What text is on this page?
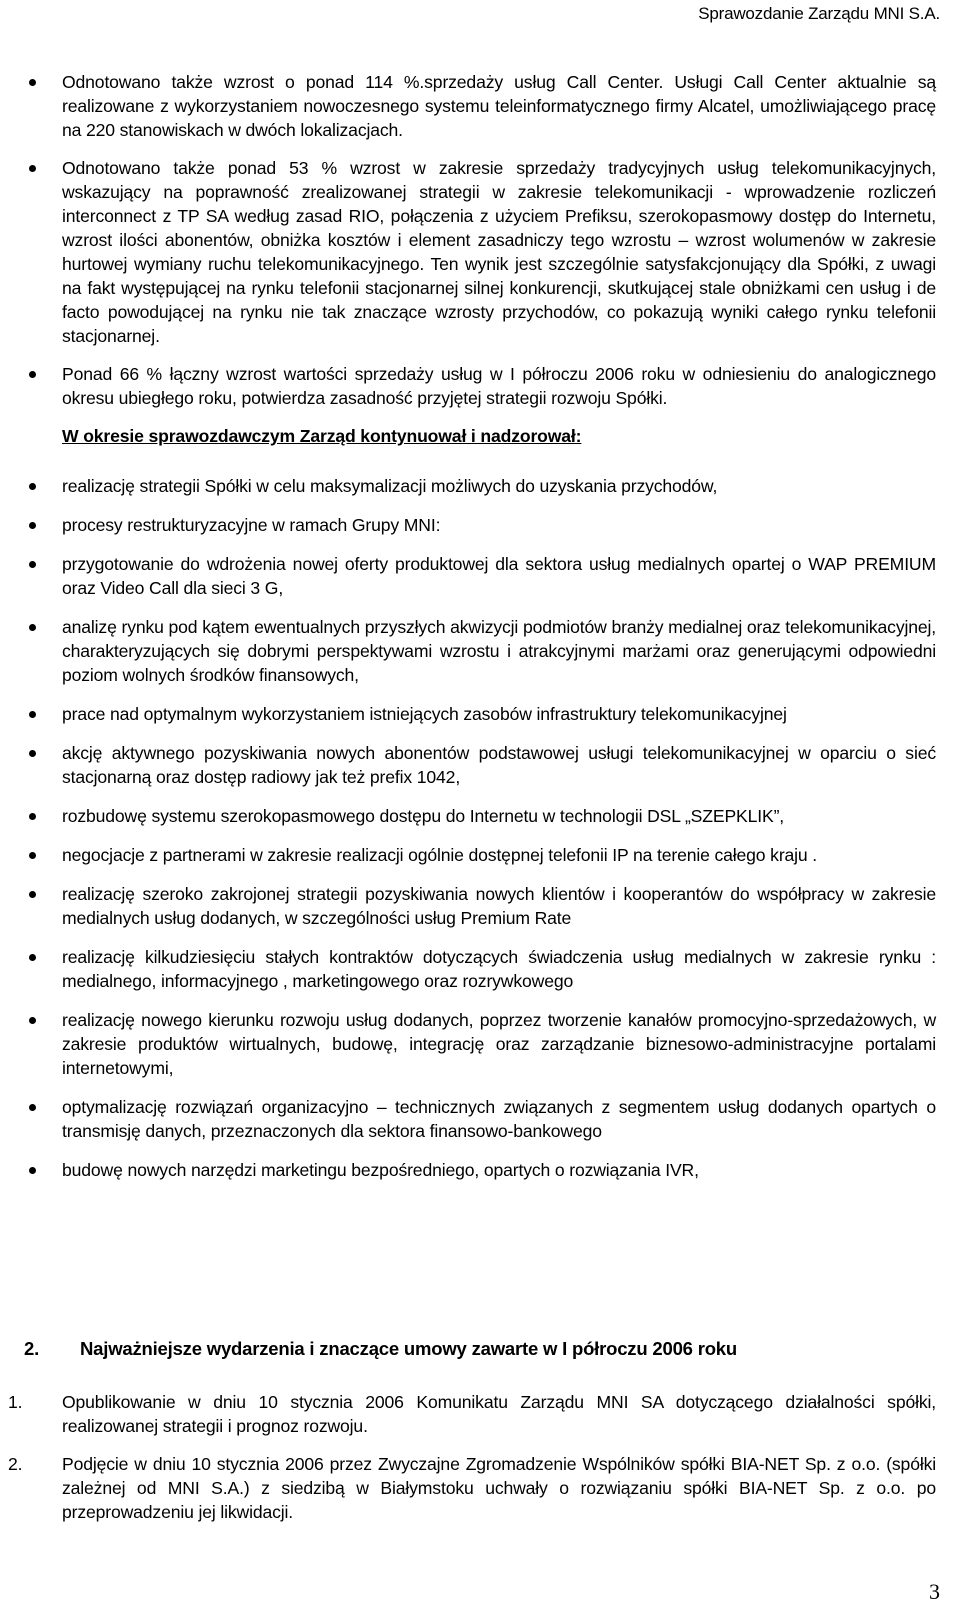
Sprawozdanie Zarządu MNI S.A.
Odnotowano także wzrost o ponad 114 %.sprzedaży usług Call Center. Usługi Call Center aktualnie są realizowane z wykorzystaniem nowoczesnego systemu teleinformatycznego firmy Alcatel, umożliwiającego pracę na 220 stanowiskach w dwóch lokalizacjach.
Odnotowano także ponad 53 % wzrost w zakresie sprzedaży tradycyjnych usług telekomunikacyjnych, wskazujący na poprawność zrealizowanej strategii w zakresie telekomunikacji - wprowadzenie rozliczeń interconnect z TP SA według zasad RIO, połączenia z użyciem Prefiksu, szerokopasmowy dostęp do Internetu, wzrost ilości abonentów, obniżka kosztów i element zasadniczy tego wzrostu – wzrost wolumenów w zakresie hurtowej wymiany ruchu telekomunikacyjnego. Ten wynik jest szczególnie satysfakcjonujący dla Spółki, z uwagi na fakt występującej na rynku telefonii stacjonarnej silnej konkurencji, skutkującej stale obniżkami cen usług i de facto powodującej na rynku nie tak znaczące wzrosty przychodów, co pokazują wyniki całego rynku telefonii stacjonarnej.
Ponad 66 % łączny wzrost wartości sprzedaży usług w I półroczu 2006 roku w odniesieniu do analogicznego okresu ubiegłego roku, potwierdza zasadność przyjętej strategii rozwoju Spółki.
W okresie sprawozdawczym Zarząd kontynuował i nadzorował:
realizację strategii Spółki w celu maksymalizacji możliwych do uzyskania przychodów,
procesy restrukturyzacyjne w ramach Grupy MNI:
przygotowanie do wdrożenia nowej oferty produktowej dla sektora usług medialnych opartej o WAP PREMIUM oraz Video Call dla sieci 3 G,
analizę rynku pod kątem ewentualnych przyszłych akwizycji podmiotów branży medialnej oraz telekomunikacyjnej, charakteryzujących się dobrymi perspektywami wzrostu i atrakcyjnymi marżami oraz generującymi odpowiedni poziom wolnych środków finansowych,
prace nad optymalnym wykorzystaniem istniejących zasobów infrastruktury telekomunikacyjnej
akcję aktywnego pozyskiwania nowych abonentów podstawowej usługi telekomunikacyjnej w oparciu o sieć stacjonarną oraz dostęp radiowy jak też prefix 1042,
rozbudowę systemu szerokopasmowego dostępu do Internetu w technologii DSL „SZEPKLIK”,
negocjacje z partnerami w zakresie realizacji ogólnie dostępnej telefonii IP na terenie całego kraju .
realizację szeroko zakrojonej strategii pozyskiwania nowych klientów i kooperantów do współpracy w zakresie medialnych usług dodanych, w szczególności usług Premium Rate
realizację kilkudziesięciu stałych kontraktów dotyczących świadczenia usług medialnych w zakresie rynku : medialnego, informacyjnego , marketingowego oraz rozrywkowego
realizację nowego kierunku rozwoju usług dodanych, poprzez tworzenie kanałów promocyjno-sprzedażowych, w zakresie produktów wirtualnych, budowę, integrację oraz zarządzanie biznesowo-administracyjne portalami internetowymi,
optymalizację rozwiązań organizacyjno – technicznych związanych z segmentem usług dodanych opartych o transmisję danych, przeznaczonych dla sektora finansowo-bankowego
budowę nowych narzędzi marketingu bezpośredniego, opartych o rozwiązania IVR,
2. Najważniejsze wydarzenia i znaczące umowy zawarte w I półroczu 2006 roku
1. Opublikowanie w dniu 10 stycznia 2006 Komunikatu Zarządu MNI SA dotyczącego działalności spółki, realizowanej strategii i prognoz rozwoju.
2. Podjęcie w dniu 10 stycznia 2006 przez Zwyczajne Zgromadzenie Wspólników spółki BIA-NET Sp. z o.o. (spółki zależnej od MNI S.A.) z siedzibą w Białymstoku uchwały o rozwiązaniu spółki BIA-NET Sp. z o.o. po przeprowadzeniu jej likwidacji.
3
